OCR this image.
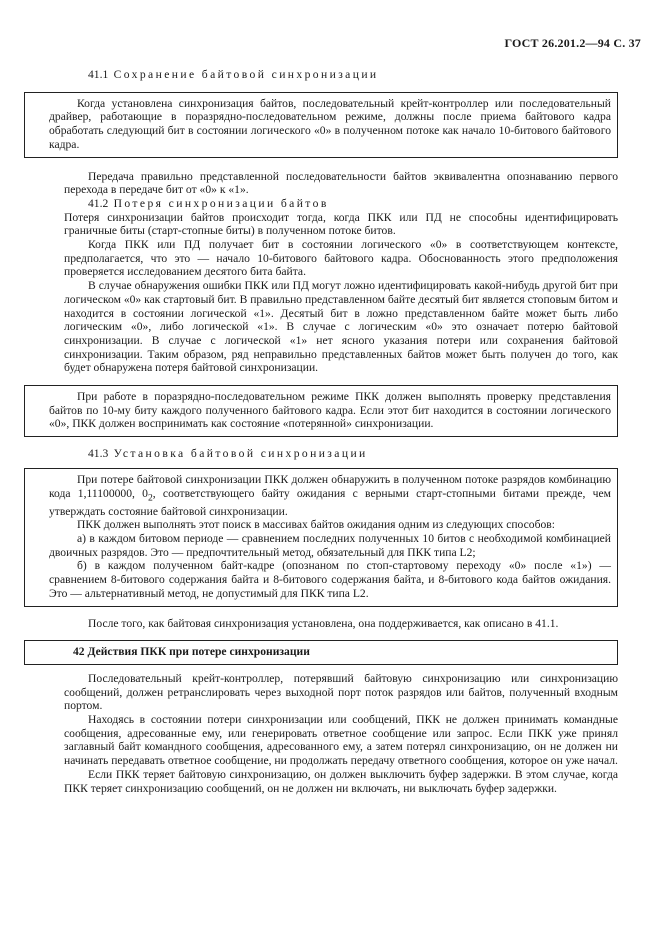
ГОСТ 26.201.2—94 С. 37

41.1 Сохранение байтовой синхронизации

Когда установлена синхронизация байтов, последовательный крейт-контроллер или последовательный драйвер, работающие в поразрядно-последовательном режиме, должны после приема байтового кадра обработать следующий бит в состоянии логического «0» в полученном потоке как начало 10-битового байтового кадра.

Передача правильно представленной последовательности байтов эквивалентна опознаванию первого перехода в передаче бит от «0» к «1».

41.2 Потеря синхронизации байтов

Потеря синхронизации байтов происходит тогда, когда ПКК или ПД не способны идентифицировать граничные биты (старт-стопные биты) в полученном потоке битов.

Когда ПКК или ПД получает бит в состоянии логического «0» в соответствующем контексте, предполагается, что это — начало 10-битового байтового кадра. Обоснованность этого предположения проверяется исследованием десятого бита байта.

В случае обнаружения ошибки ПКК или ПД могут ложно идентифицировать какой-нибудь другой бит при логическом «0» как стартовый бит. В правильно представленном байте десятый бит является стоповым битом и находится в состоянии логической «1». Десятый бит в ложно представленном байте может быть либо логическим «0», либо логической «1». В случае с логическим «0» это означает потерю байтовой синхронизации. В случае с логической «1» нет ясного указания потери или сохранения байтовой синхронизации. Таким образом, ряд неправильно представленных байтов может быть получен до того, как будет обнаружена потеря байтовой синхронизации.

При работе в поразрядно-последовательном режиме ПКК должен выполнять проверку представления байтов по 10-му биту каждого полученного байтового кадра. Если этот бит находится в состоянии логического «0», ПКК должен воспринимать как состояние «потерянной» синхронизации.

41.3 Установка байтовой синхронизации

При потере байтовой синхронизации ПКК должен обнаружить в полученном потоке разрядов комбинацию кода 1,11100000, $0_2$, соответствующего байту ожидания с верными старт-стопными битами прежде, чем утверждать состояние байтовой синхронизации.

ПКК должен выполнять этот поиск в массивах байтов ожидания одним из следующих способов:

а) в каждом битовом периоде — сравнением последних полученных 10 битов с необходимой комбинацией двоичных разрядов. Это — предпочтительный метод, обязательный для ПКК типа L2;

б) в каждом полученном байт-кадре (опознаном по стоп-стартовому переходу «0» после «1») — сравнением 8-битового содержания байта и 8-битового содержания байта, и 8-битового кода байтов ожидания. Это — альтернативный метод, не допустимый для ПКК типа L2.

После того, как байтовая синхронизация установлена, она поддерживается, как описано в 41.1.

42 Действия ПКК при потере синхронизации

Последовательный крейт-контроллер, потерявший байтовую синхронизацию или синхронизацию сообщений, должен ретранслировать через выходной порт поток разрядов или байтов, полученный входным портом.

Находясь в состоянии потери синхронизации или сообщений, ПКК не должен принимать командные сообщения, адресованные ему, или генерировать ответное сообщение или запрос. Если ПКК уже принял заглавный байт командного сообщения, адресованного ему, а затем потерял синхронизацию, он не должен ни начинать передавать ответное сообщение, ни продолжать передачу ответного сообщения, которое он уже начал.

Если ПКК теряет байтовую синхронизацию, он должен выключить буфер задержки. В этом случае, когда ПКК теряет синхронизацию сообщений, он не должен ни включать, ни выключать буфер задержки.
